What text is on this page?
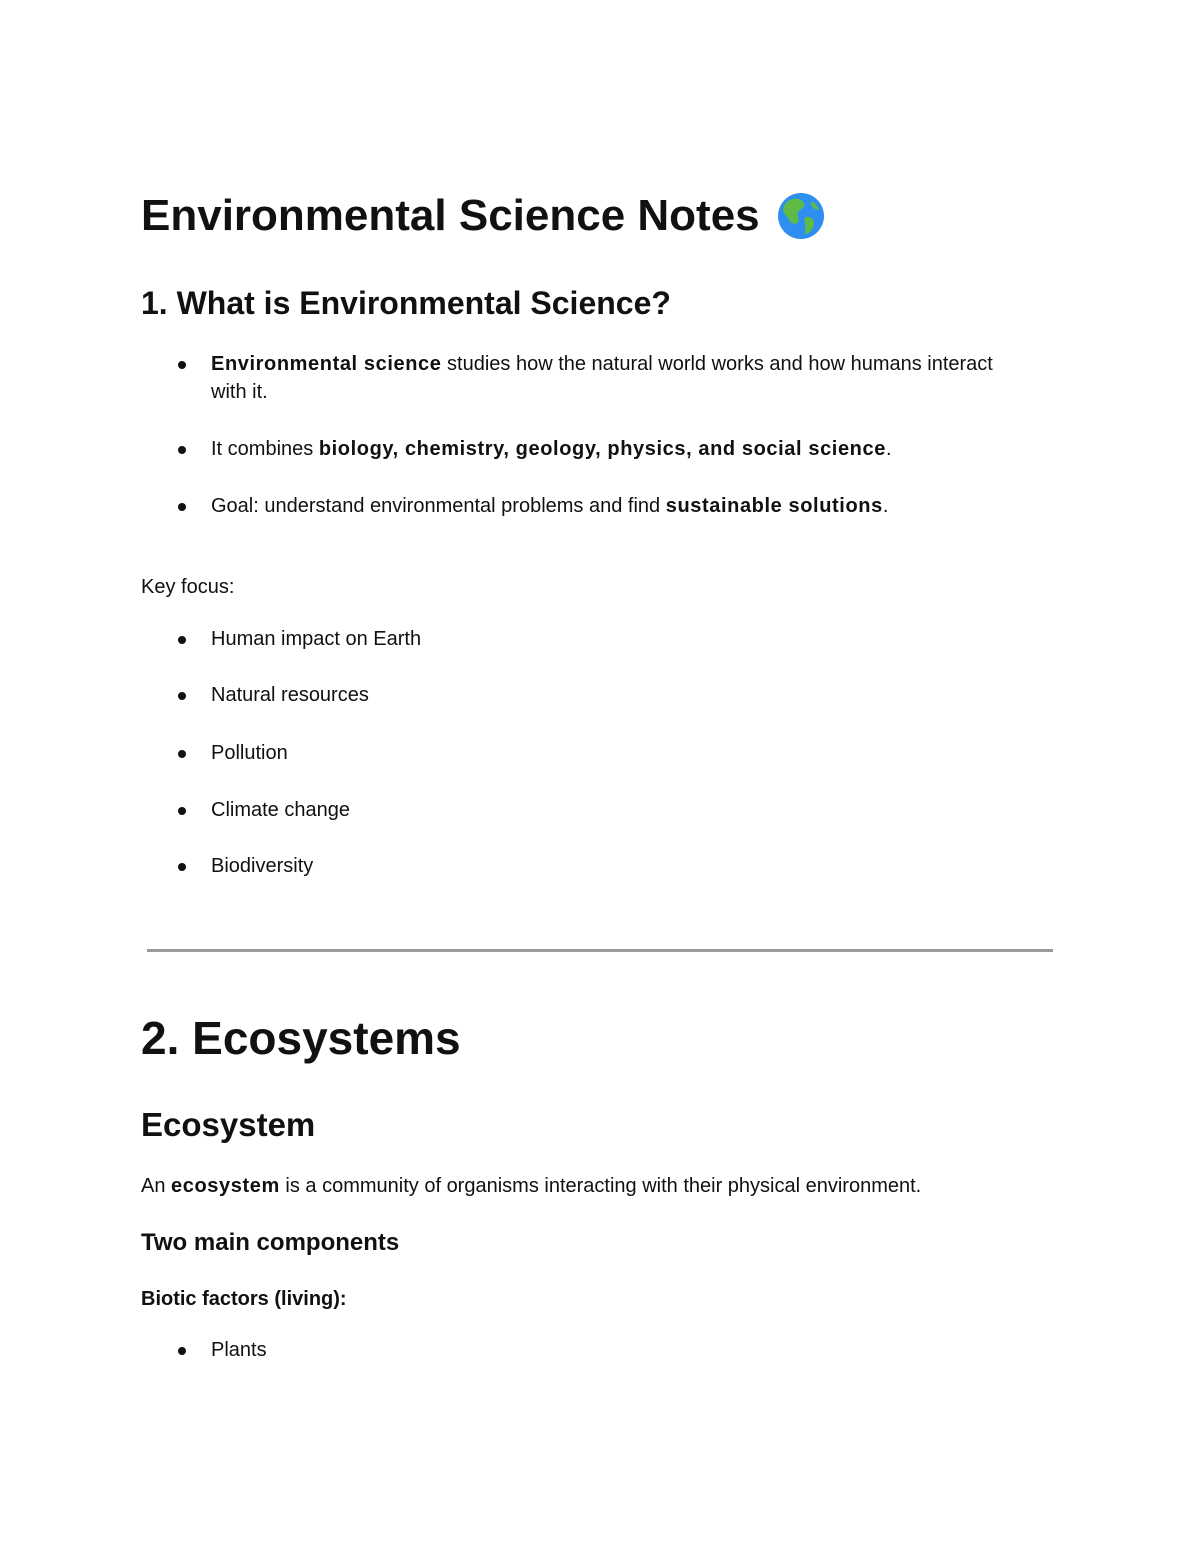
Environmental Science Notes
1. What is Environmental Science?
Environmental science studies how the natural world works and how humans interact
with it.
It combines biology, chemistry, geology, physics, and social science.
Goal: understand environmental problems and find sustainable solutions.
Key focus:
Human impact on Earth
Natural resources
Pollution
Climate change
Biodiversity
2. Ecosystems
Ecosystem
An ecosystem is a community of organisms interacting with their physical environment.
Two main components
Biotic factors (living):
Plants
